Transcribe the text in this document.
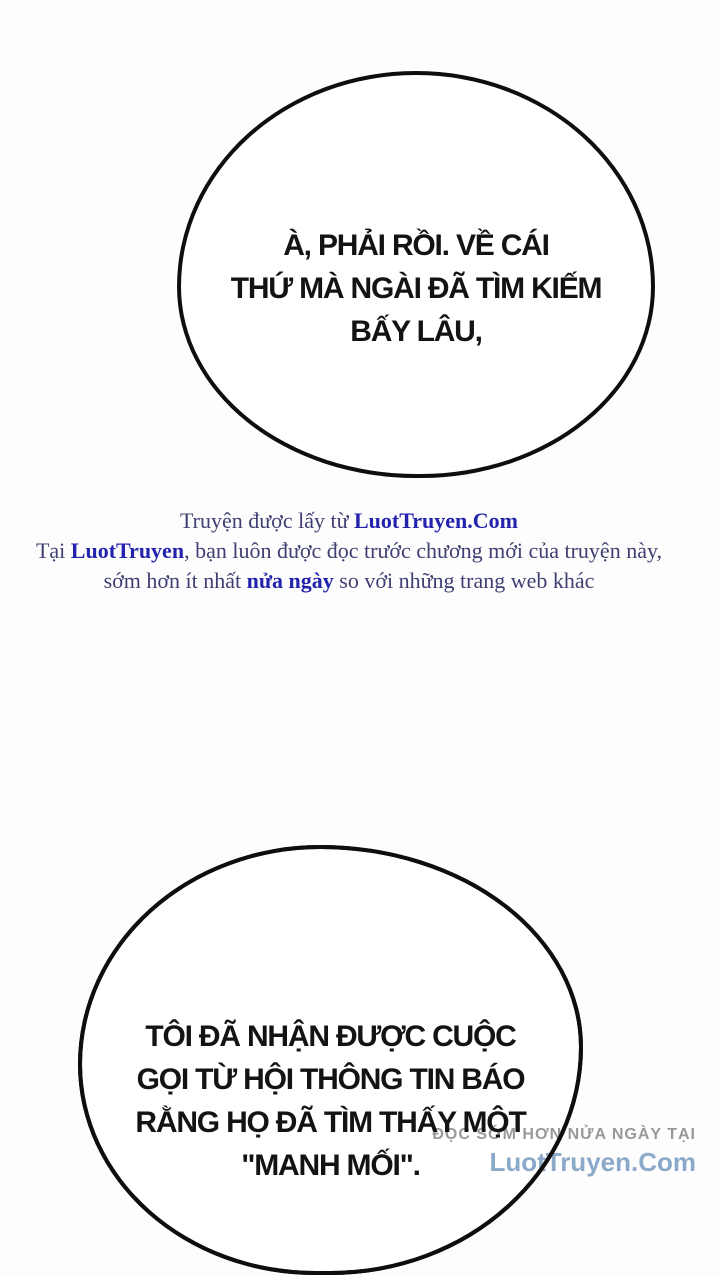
À, PHẢI RỒI. VỀ CÁI
THỨ MÀ NGÀI ĐÃ TÌM KIẾM
BẤY LÂU,
Truyện được lấy từ LuotTruyen.Com
Tại LuotTruyen, bạn luôn được đọc trước chương mới của truyện này,
sớm hơn ít nhất nửa ngày so với những trang web khác
ĐỌC SỚM HƠN NỬA NGÀY TẠI
LuotTruyen.Com
TÔI ĐÃ NHẬN ĐƯỢC CUỘC
GỌI TỪ HỘI THÔNG TIN BÁO
RẰNG HỌ ĐÃ TÌM THẤY MỘT
"MANH MỐI".
